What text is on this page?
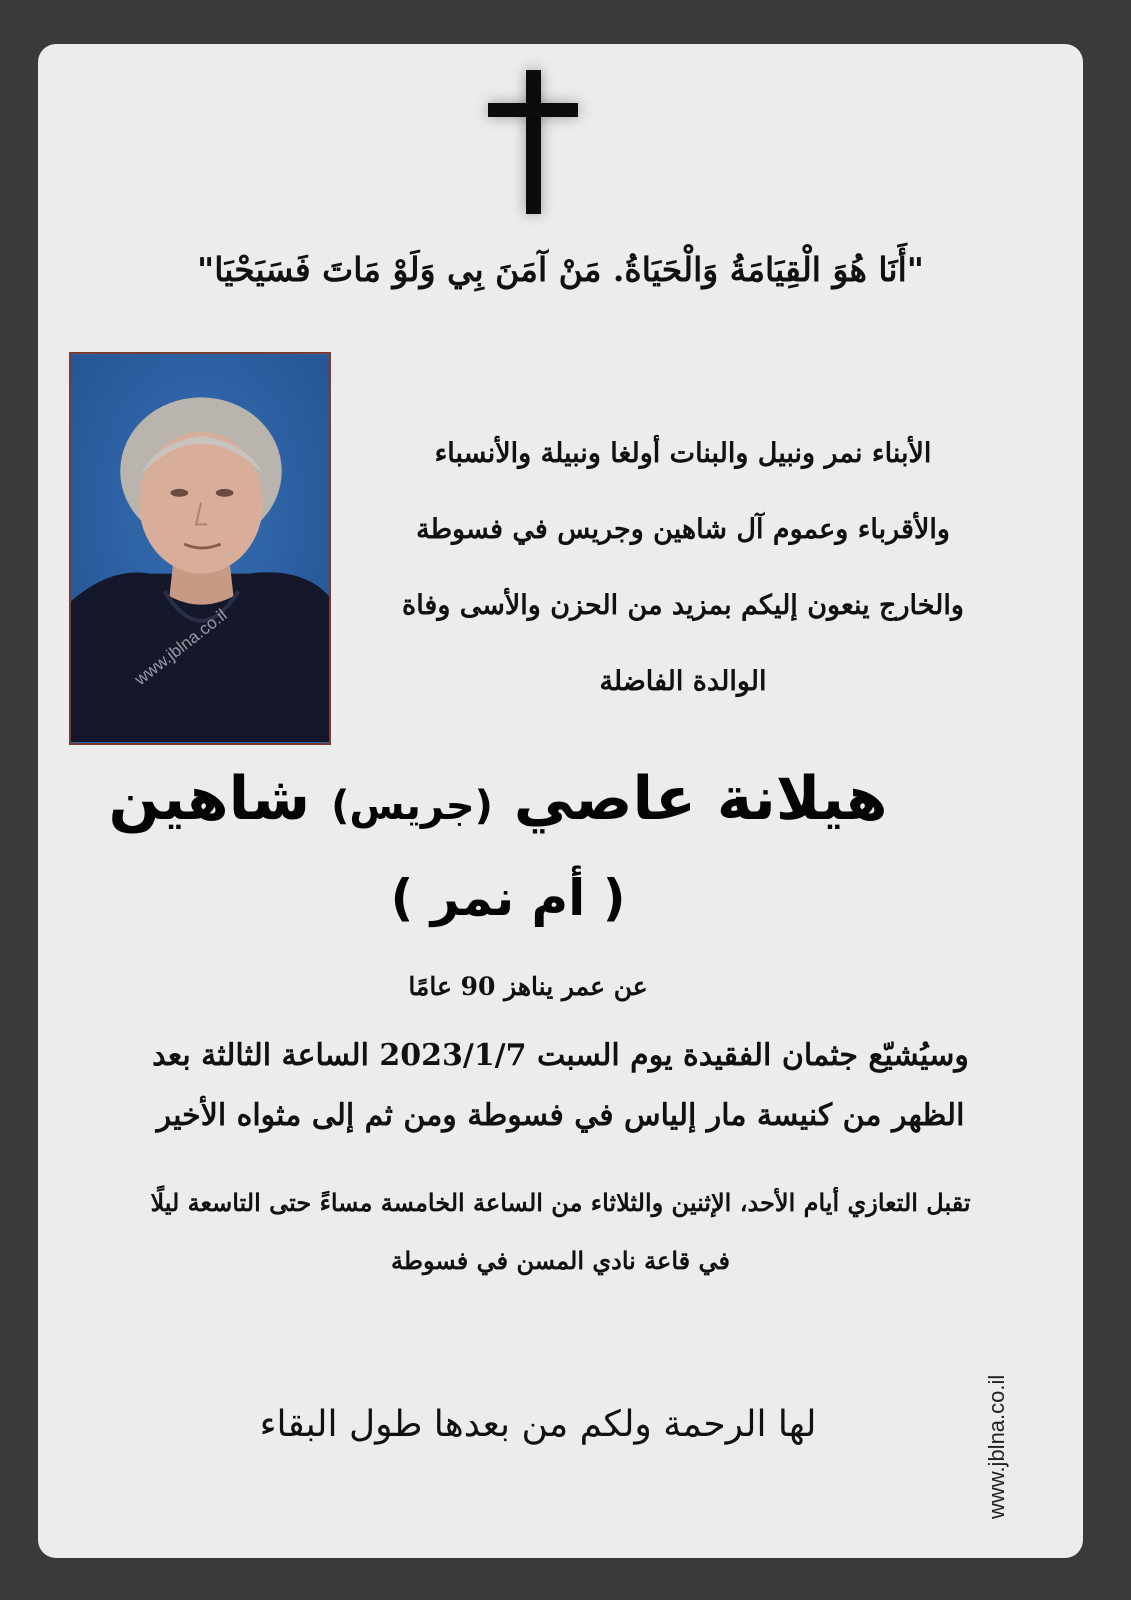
"أَنَا هُوَ الْقِيَامَةُ وَالْحَيَاةُ. مَنْ آمَنَ بِي وَلَوْ مَاتَ فَسَيَحْيَا"
www.jblna.co.il
الأبناء نمر ونبيل والبنات أولغا ونبيلة والأنسباء
والأقرباء وعموم آل شاهين وجريس في فسوطة
والخارج ينعون إليكم بمزيد من الحزن والأسى وفاة
الوالدة الفاضلة
هيلانة عاصي (جريس) شاهين
( أم نمر )
عن عمر يناهز 90 عامًا
وسيُشيّع جثمان الفقيدة يوم السبت 2023/1/7 الساعة الثالثة بعد
الظهر من كنيسة مار إلياس في فسوطة ومن ثم إلى مثواه الأخير
تقبل التعازي أيام الأحد، الإثنين والثلاثاء من الساعة الخامسة مساءً حتى التاسعة ليلًا
في قاعة نادي المسن في فسوطة
لها الرحمة ولكم من بعدها طول البقاء	www.jblna.co.il
